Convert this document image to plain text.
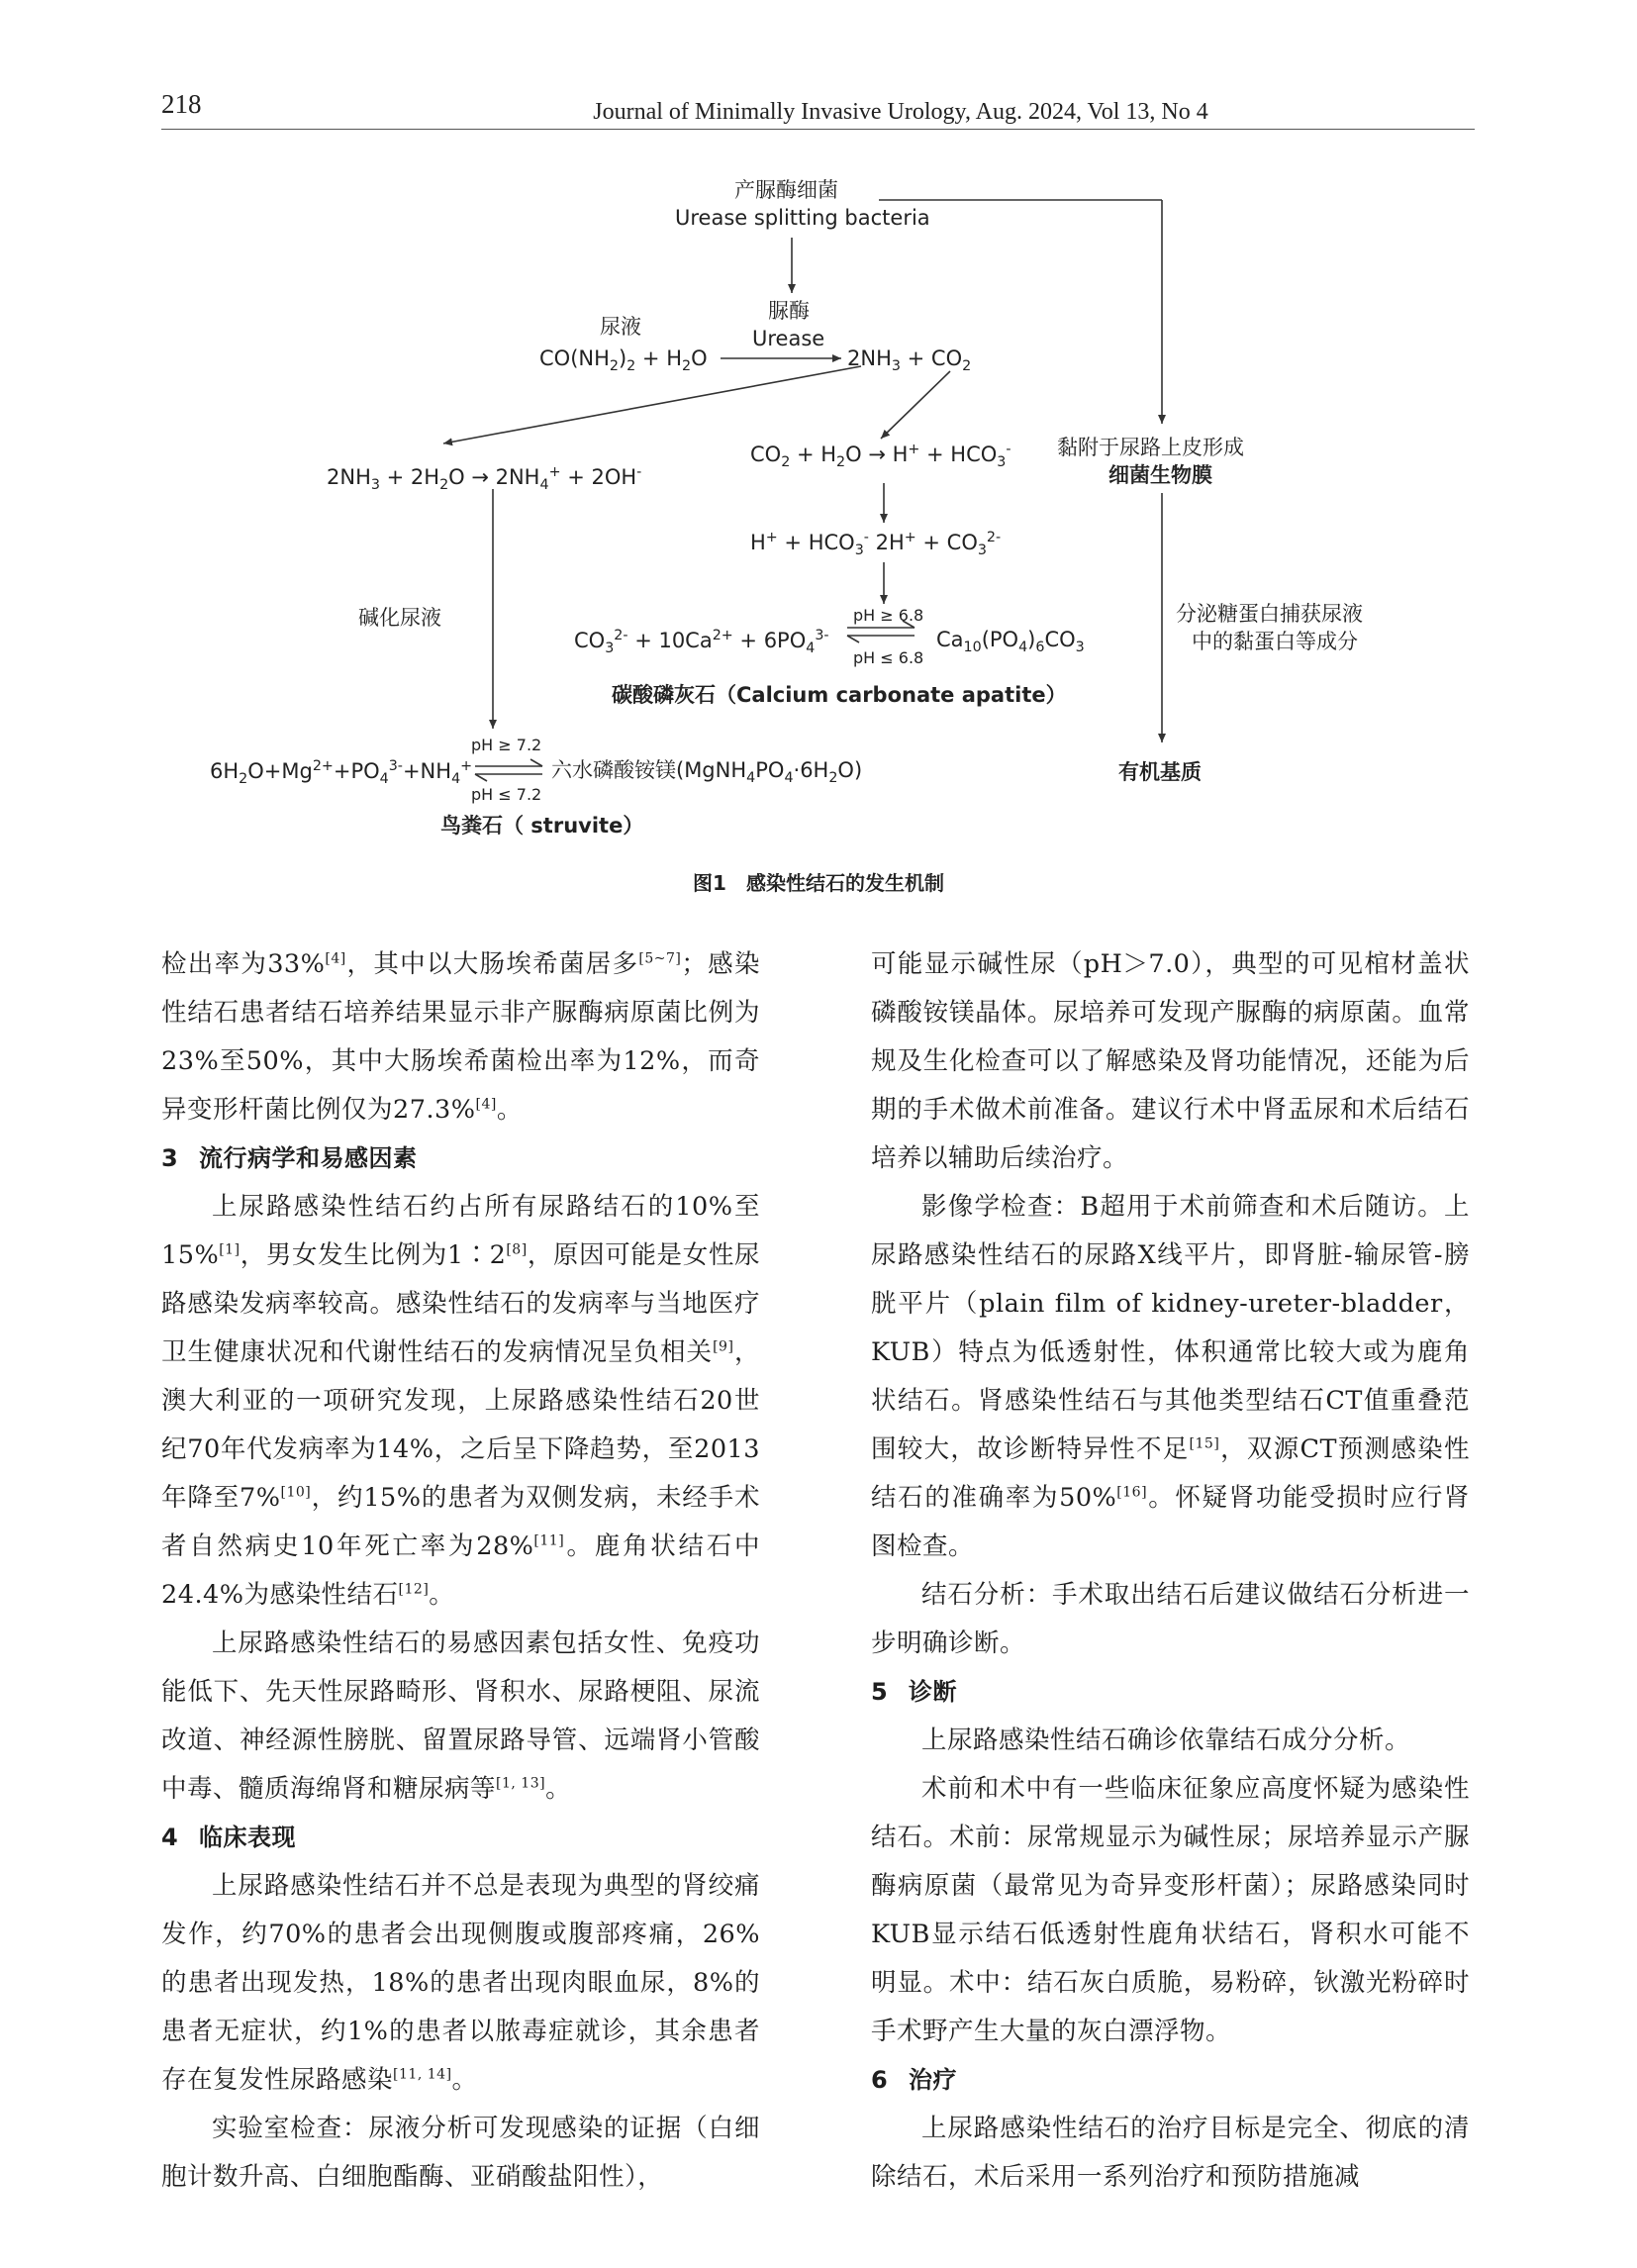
218	Journal of Minimally Invasive Urology, Aug. 2024, Vol 13, No 4
产脲酶细菌
Urease splitting bacteria
尿液
$CO(NH_2)_2 + H_2O$
脲酶
Urease
$2NH_3 + CO_2$
$2NH_3 + 2H_2O \to 2NH_4^+ + 2OH^-$
$CO_2 + H_2O \to H^+ + HCO_3^-$ 黏附于尿路上皮形成
细菌生物膜
$H^+ + HCO_3^-$ $2H^+ + CO_3^{2-}$
碱化尿液	分泌糖蛋白捕获尿液
中的黏蛋白等成分
$CO_3^{2-} + 10Ca^{2+} + 6PO_4^{3-}$
pH ≥ 6.8
pH ≤ 6.8
$Ca_{10}(PO_4)_6CO_3$
碳酸磷灰石（Calcium carbonate apatite）
pH ≥ 7.2
$6H_2O+Mg^{2+}+PO_4^{3-}+NH_4^+$	六水磷酸铵镁$(MgNH_4PO_4\cdot 6H_2O)$
pH ≤ 7.2
有机基质
鸟粪石（ struvite）
图1　感染性结石的发生机制

检出率为33%[4]，其中以大肠埃希菌居多[5~7]；感染性结石患者结石培养结果显示非产脲酶病原菌比例为23%至50%，其中大肠埃希菌检出率为12%，而奇异变形杆菌比例仅为27.3%[4]。

3 流行病学和易感因素

上尿路感染性结石约占所有尿路结石的10%至15%[1]，男女发生比例为1∶2[8]，原因可能是女性尿路感染发病率较高。感染性结石的发病率与当地医疗卫生健康状况和代谢性结石的发病情况呈负相关[9]，澳大利亚的一项研究发现，上尿路感染性结石20世纪70年代发病率为14%，之后呈下降趋势，至2013年降至7%[10]，约15%的患者为双侧发病，未经手术者自然病史10年死亡率为28%[11]。鹿角状结石中24.4%为感染性结石[12]。

上尿路感染性结石的易感因素包括女性、免疫功能低下、先天性尿路畸形、肾积水、尿路梗阻、尿流改道、神经源性膀胱、留置尿路导管、远端肾小管酸中毒、髓质海绵肾和糖尿病等[1, 13]。

4 临床表现

上尿路感染性结石并不总是表现为典型的肾绞痛发作，约70%的患者会出现侧腹或腹部疼痛，26%的患者出现发热，18%的患者出现肉眼血尿，8%的患者无症状，约1%的患者以脓毒症就诊，其余患者存在复发性尿路感染[11, 14]。

实验室检查：尿液分析可发现感染的证据（白细胞计数升高、白细胞酯酶、亚硝酸盐阳性），

可能显示碱性尿（pH＞7.0），典型的可见棺材盖状磷酸铵镁晶体。尿培养可发现产脲酶的病原菌。血常规及生化检查可以了解感染及肾功能情况，还能为后期的手术做术前准备。建议行术中肾盂尿和术后结石培养以辅助后续治疗。

影像学检查：B超用于术前筛查和术后随访。上尿路感染性结石的尿路X线平片，即肾脏-输尿管-膀胱平片（plain film of kidney-ureter-bladder，KUB）特点为低透射性，体积通常比较大或为鹿角状结石。肾感染性结石与其他类型结石CT值重叠范围较大，故诊断特异性不足[15]，双源CT预测感染性结石的准确率为50%[16]。怀疑肾功能受损时应行肾图检查。

结石分析：手术取出结石后建议做结石分析进一步明确诊断。

5 诊断

上尿路感染性结石确诊依靠结石成分分析。

术前和术中有一些临床征象应高度怀疑为感染性结石。术前：尿常规显示为碱性尿；尿培养显示产脲酶病原菌（最常见为奇异变形杆菌）；尿路感染同时KUB显示结石低透射性鹿角状结石，肾积水可能不明显。术中：结石灰白质脆，易粉碎，钬激光粉碎时手术野产生大量的灰白漂浮物。

6 治疗

上尿路感染性结石的治疗目标是完全、彻底的清除结石，术后采用一系列治疗和预防措施减
